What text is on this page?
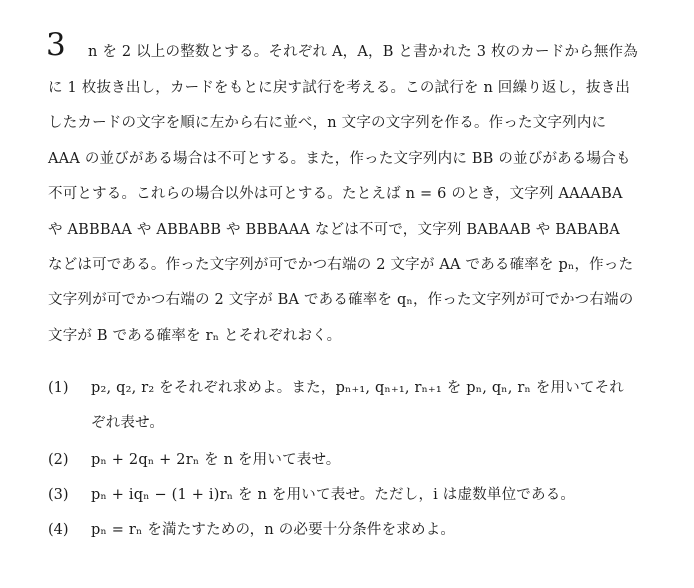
3 n を 2 以上の整数とする。それぞれ A，A，B と書かれた 3 枚のカードから無作為
に 1 枚抜き出し，カードをもとに戻す試行を考える。この試行を n 回繰り返し，抜き出
したカードの文字を順に左から右に並べ，n 文字の文字列を作る。作った文字列内に
AAA の並びがある場合は不可とする。また，作った文字列内に BB の並びがある場合も
不可とする。これらの場合以外は可とする。たとえば n = 6 のとき，文字列 AAAABA
や ABBBAA や ABBABB や BBBAAA などは不可で，文字列 BABAAB や BABABA
などは可である。作った文字列が可でかつ右端の 2 文字が AA である確率を pₙ，作った
文字列が可でかつ右端の 2 文字が BA である確率を qₙ，作った文字列が可でかつ右端の
文字が B である確率を rₙ とそれぞれおく。
(1) p₂, q₂, r₂ をそれぞれ求めよ。また，pₙ₊₁, qₙ₊₁, rₙ₊₁ を pₙ, qₙ, rₙ を用いてそれ
ぞれ表せ。
(2) pₙ + 2qₙ + 2rₙ を n を用いて表せ。
(3) pₙ + iqₙ − (1 + i)rₙ を n を用いて表せ。ただし，i は虚数単位である。
(4) pₙ = rₙ を満たすための，n の必要十分条件を求めよ。
